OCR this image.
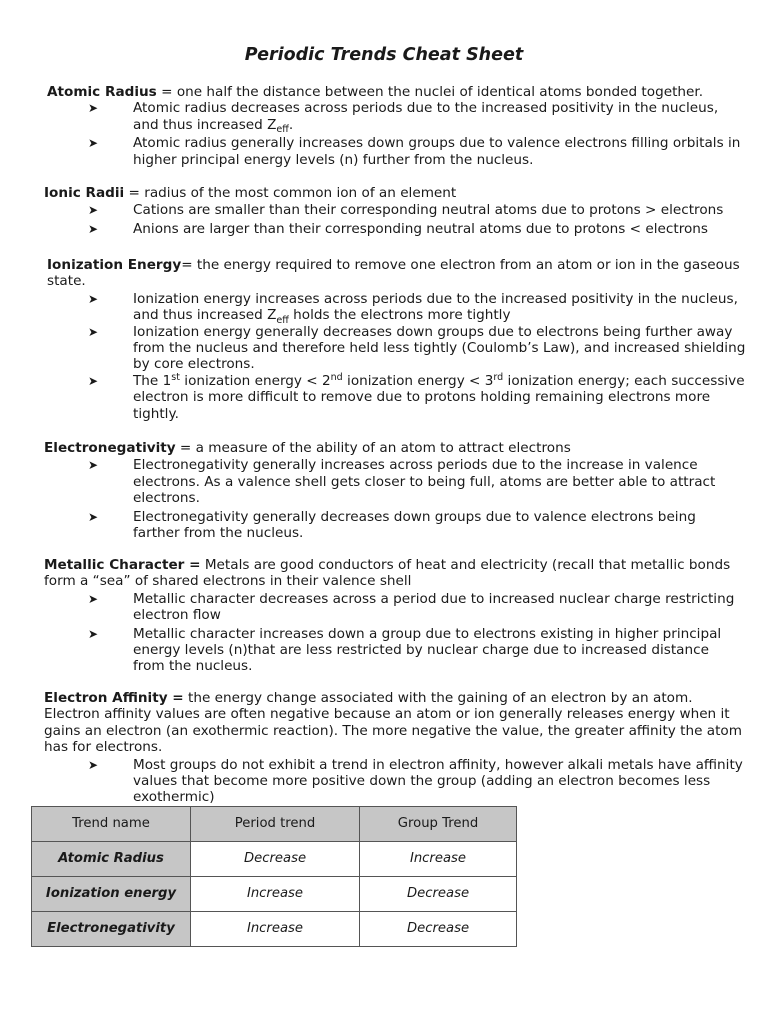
Periodic Trends Cheat Sheet
Atomic Radius = one half the distance between the nuclei of identical atoms bonded together.
➤
Atomic radius decreases across periods due to the increased positivity in the nucleus, and thus increased $Z_{eff}$.
➤
Atomic radius generally increases down groups due to valence electrons filling orbitals in higher principal energy levels (n) further from the nucleus.
Ionic Radii = radius of the most common ion of an element
➤
Cations are smaller than their corresponding neutral atoms due to protons > electrons
➤
Anions are larger than their corresponding neutral atoms due to protons < electrons
Ionization Energy= the energy required to remove one electron from an atom or ion in the gaseous state.
➤
Ionization energy increases across periods due to the increased positivity in the nucleus, and thus increased $Z_{eff}$ holds the electrons more tightly
➤
Ionization energy generally decreases down groups due to electrons being further away from the nucleus and therefore held less tightly (Coulomb’s Law), and increased shielding by core electrons.
➤
The 1st ionization energy < 2nd ionization energy < 3rd ionization energy; each successive electron is more difficult to remove due to protons holding remaining electrons more tightly.
Electronegativity = a measure of the ability of an atom to attract electrons
➤
Electronegativity generally increases across periods due to the increase in valence electrons. As a valence shell gets closer to being full, atoms are better able to attract electrons.
➤
Electronegativity generally decreases down groups due to valence electrons being farther from the nucleus.
Metallic Character = Metals are good conductors of heat and electricity (recall that metallic bonds form a “sea” of shared electrons in their valence shell
➤
Metallic character decreases across a period due to increased nuclear charge restricting electron flow
➤
Metallic character increases down a group due to electrons existing in higher principal energy levels (n)that are less restricted by nuclear charge due to increased distance from the nucleus.
Electron Affinity = the energy change associated with the gaining of an electron by an atom. Electron affinity values are often negative because an atom or ion generally releases energy when it gains an electron (an exothermic reaction). The more negative the value, the greater affinity the atom has for electrons.
➤
Most groups do not exhibit a trend in electron affinity, however alkali metals have affinity values that become more positive down the group (adding an electron becomes less exothermic)
Trend name	Period trend	Group Trend
Atomic Radius	Decrease	Increase
Ionization energy	Increase	Decrease
Electronegativity	Increase	Decrease
